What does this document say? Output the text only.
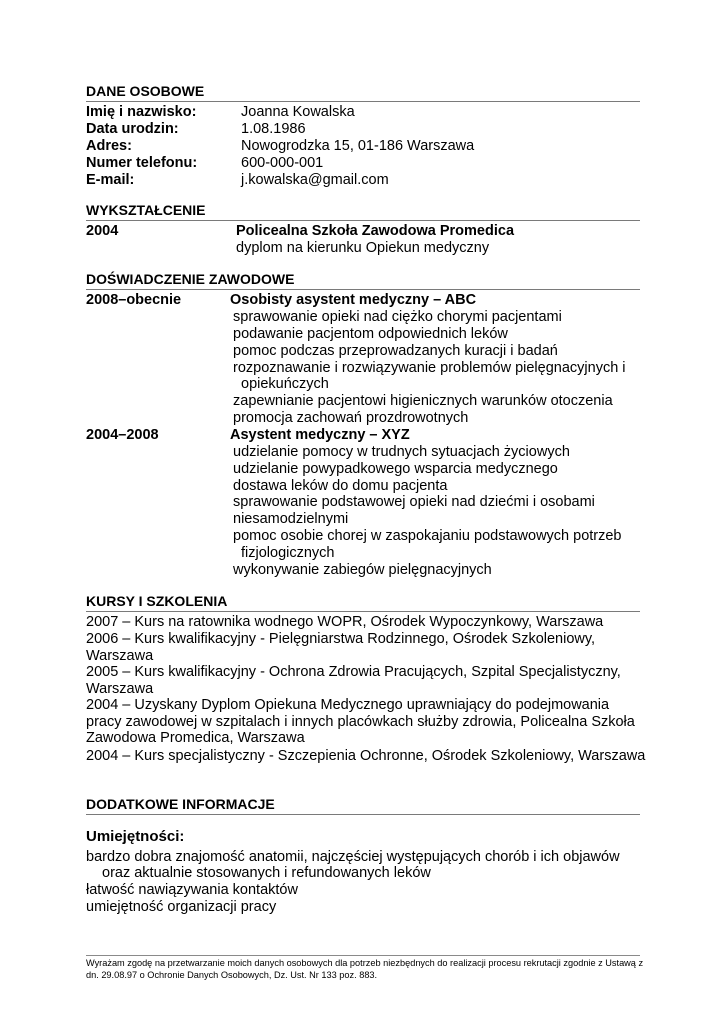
DANE OSOBOWE
Imię i nazwisko:	Joanna Kowalska
Data urodzin:	1.08.1986
Adres:	Nowogrodzka 15, 01-186 Warszawa
Numer telefonu:	600-000-001
E-mail:	j.kowalska@gmail.com
WYKSZTAŁCENIE
2004	Policealna Szkoła Zawodowa Promedica
dyplom na kierunku Opiekun medyczny
DOŚWIADCZENIE ZAWODOWE
2008–obecnie	Osobisty asystent medyczny – ABC
sprawowanie opieki nad ciężko chorymi pacjentami
podawanie pacjentom odpowiednich leków
pomoc podczas przeprowadzanych kuracji i badań
rozpoznawanie i rozwiązywanie problemów pielęgnacyjnych i
opiekuńczych
zapewnianie pacjentowi higienicznych warunków otoczenia
promocja zachowań prozdrowotnych
2004–2008	Asystent medyczny – XYZ
udzielanie pomocy w trudnych sytuacjach życiowych
udzielanie powypadkowego wsparcia medycznego
dostawa leków do domu pacjenta
sprawowanie podstawowej opieki nad dziećmi i osobami
niesamodzielnymi
pomoc osobie chorej w zaspokajaniu podstawowych potrzeb
fizjologicznych
wykonywanie zabiegów pielęgnacyjnych
KURSY I SZKOLENIA
2007 – Kurs na ratownika wodnego WOPR, Ośrodek Wypoczynkowy, Warszawa
2006 – Kurs kwalifikacyjny - Pielęgniarstwa Rodzinnego, Ośrodek Szkoleniowy, Warszawa
2005 – Kurs kwalifikacyjny - Ochrona Zdrowia Pracujących, Szpital Specjalistyczny, Warszawa
2004 – Uzyskany Dyplom Opiekuna Medycznego uprawniający do podejmowania pracy zawodowej w szpitalach i innych placówkach służby zdrowia, Policealna Szkoła Zawodowa Promedica, Warszawa
2004 – Kurs specjalistyczny - Szczepienia Ochronne, Ośrodek Szkoleniowy, Warszawa
DODATKOWE INFORMACJE
Umiejętności:
bardzo dobra znajomość anatomii, najczęściej występujących chorób i ich objawów
oraz aktualnie stosowanych i refundowanych leków
łatwość nawiązywania kontaktów
umiejętność organizacji pracy
Wyrażam zgodę na przetwarzanie moich danych osobowych dla potrzeb niezbędnych do realizacji procesu rekrutacji zgodnie z Ustawą z dn. 29.08.97 o Ochronie Danych Osobowych, Dz. Ust. Nr 133 poz. 883.
